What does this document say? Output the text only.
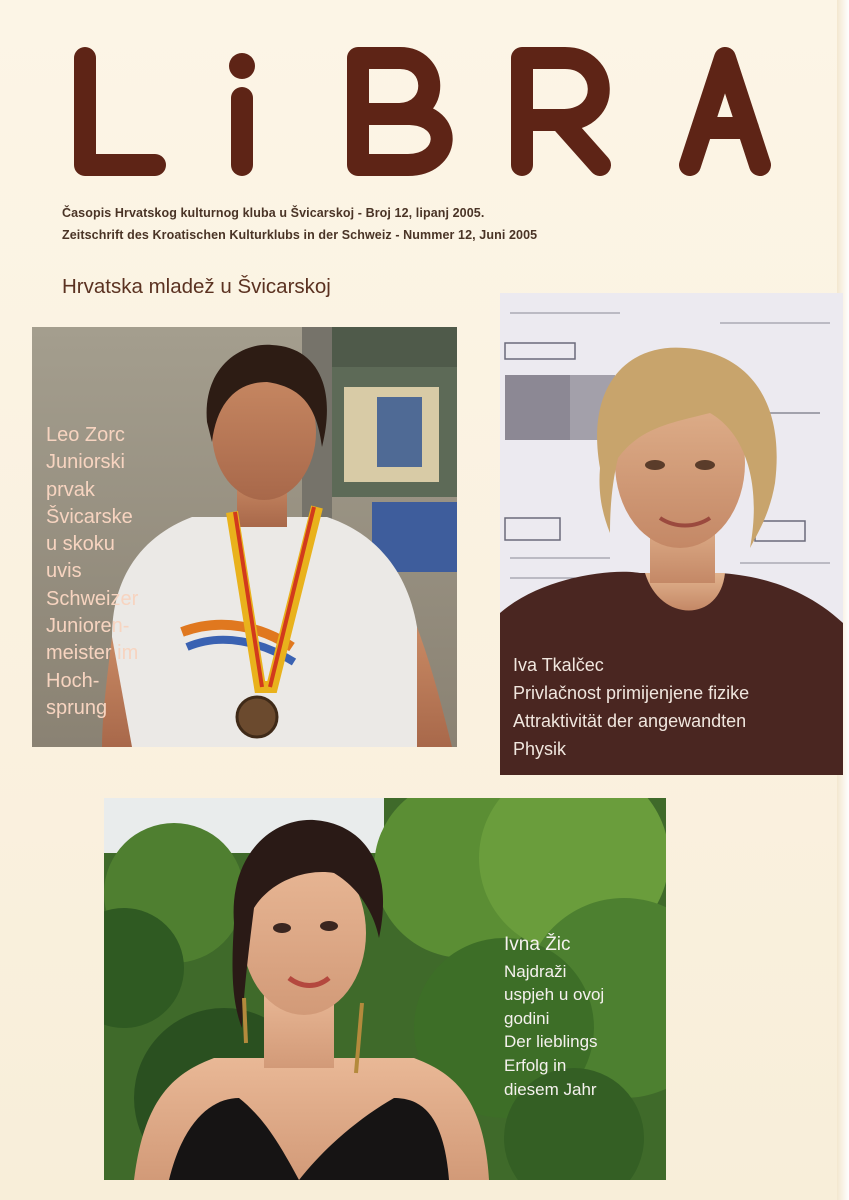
Časopis Hrvatskog kulturnog kluba u Švicarskoj - Broj 12, lipanj 2005.
Zeitschrift des Kroatischen Kulturklubs in der Schweiz - Nummer 12, Juni 2005
Hrvatska mladež u Švicarskoj
Leo Zorc
Juniorski
prvak
Švicarske
u skoku
uvis
Schweizer
Junioren-
meister im
Hoch-
sprung
Iva Tkalčec
Privlačnost primijenjene fizike
Attraktivität der angewandten
Physik
Ivna Žic
Najdraži
uspjeh u ovoj
godini
Der lieblings
Erfolg in
diesem Jahr
